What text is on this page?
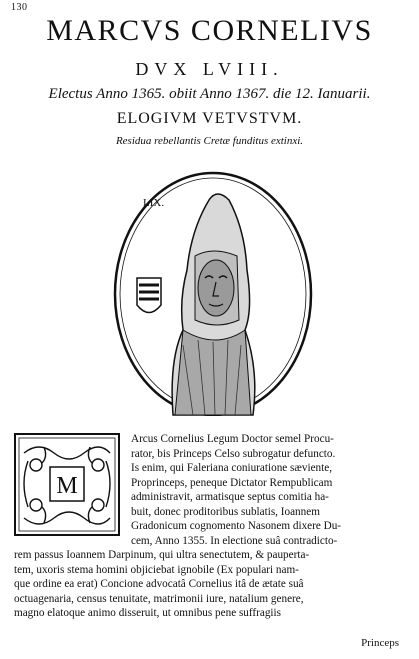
130
MARCVS CORNELIVS
DVX LVIII.
Electus Anno 1365. obiit Anno 1367. die 12. Ianuarii.
ELOGIVM VETVSTVM.
Residua rebellantis Cretæ funditus extinxi.
LIX.
M
Arcus Cornelius Legum Doctor semel Procu-
rator, bis Princeps Celso subrogatur defuncto.
Is enim, qui Faleriana coniuratione sæviente,
Proprinceps, peneque Dictator Rempublicam
administravit, armatisque septus comitia ha-
buit, donec proditoribus sublatis, Ioannem
Gradonicum cognomento Nasonem dixere Du-
cem, Anno 1355. In electione suâ contradicto-
rem passus Ioannem Darpinum, qui ultra senectutem, & pauperta-
tem, uxoris stema homini objiciebat ignobile (Ex populari nam-
que ordine ea erat) Concione advocatâ Cornelius itâ de ætate suâ
octuagenaria, census tenuitate, matrimonii iure, natalium genere,
magno elatoque animo disseruit, ut omnibus pene suffragiis
Princeps
